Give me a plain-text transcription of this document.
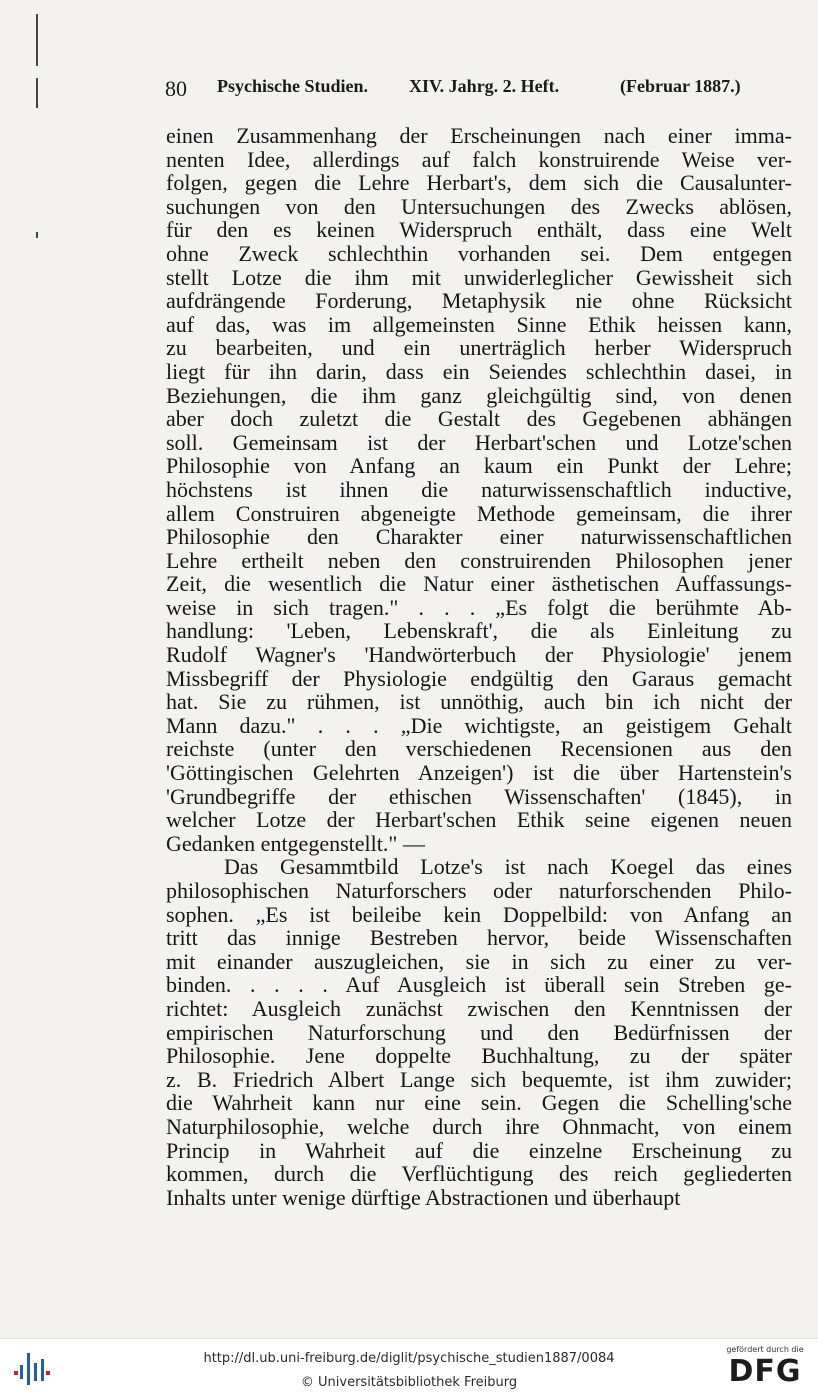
80 Psychische Studien. XIV. Jahrg. 2. Heft.	(Februar 1887.)
einen Zusammenhang der Erscheinungen nach einer imma-
nenten Idee, allerdings auf falch konstruirende Weise ver-
folgen, gegen die Lehre Herbart's, dem sich die Causalunter-
suchungen von den Untersuchungen des Zwecks ablösen,
für den es keinen Widerspruch enthält, dass eine Welt
ohne Zweck schlechthin vorhanden sei. Dem entgegen
stellt Lotze die ihm mit unwiderleglicher Gewissheit sich
aufdrängende Forderung, Metaphysik nie ohne Rücksicht
auf das, was im allgemeinsten Sinne Ethik heissen kann,
zu bearbeiten, und ein unerträglich herber Widerspruch
liegt für ihn darin, dass ein Seiendes schlechthin dasei, in
Beziehungen, die ihm ganz gleichgültig sind, von denen
aber doch zuletzt die Gestalt des Gegebenen abhängen
soll. Gemeinsam ist der Herbart'schen und Lotze'schen
Philosophie von Anfang an kaum ein Punkt der Lehre;
höchstens ist ihnen die naturwissenschaftlich inductive,
allem Construiren abgeneigte Methode gemeinsam, die ihrer
Philosophie den Charakter einer naturwissenschaftlichen
Lehre ertheilt neben den construirenden Philosophen jener
Zeit, die wesentlich die Natur einer ästhetischen Auffassungs-
weise in sich tragen." . . . „Es folgt die berühmte Ab-
handlung: 'Leben, Lebenskraft', die als Einleitung zu
Rudolf Wagner's 'Handwörterbuch der Physiologie' jenem
Missbegriff der Physiologie endgültig den Garaus gemacht
hat. Sie zu rühmen, ist unnöthig, auch bin ich nicht der
Mann dazu." . . . „Die wichtigste, an geistigem Gehalt
reichste (unter den verschiedenen Recensionen aus den
'Göttingischen Gelehrten Anzeigen') ist die über Hartenstein's
'Grundbegriffe der ethischen Wissenschaften' (1845), in
welcher Lotze der Herbart'schen Ethik seine eigenen neuen
Gedanken entgegenstellt." —
Das Gesammtbild Lotze's ist nach Koegel das eines
philosophischen Naturforschers oder naturforschenden Philo-
sophen. „Es ist beileibe kein Doppelbild: von Anfang an
tritt das innige Bestreben hervor, beide Wissenschaften
mit einander auszugleichen, sie in sich zu einer zu ver-
binden. . . . . Auf Ausgleich ist überall sein Streben ge-
richtet: Ausgleich zunächst zwischen den Kenntnissen der
empirischen Naturforschung und den Bedürfnissen der
Philosophie. Jene doppelte Buchhaltung, zu der später
z. B. Friedrich Albert Lange sich bequemte, ist ihm zuwider;
die Wahrheit kann nur eine sein. Gegen die Schelling'sche
Naturphilosophie, welche durch ihre Ohnmacht, von einem
Princip in Wahrheit auf die einzelne Erscheinung zu
kommen, durch die Verflüchtigung des reich gegliederten
Inhalts unter wenige dürftige Abstractionen und überhaupt
http://dl.ub.uni-freiburg.de/diglit/psychische_studien1887/0084
© Universitätsbibliothek Freiburg
gefördert durch die
DFG
